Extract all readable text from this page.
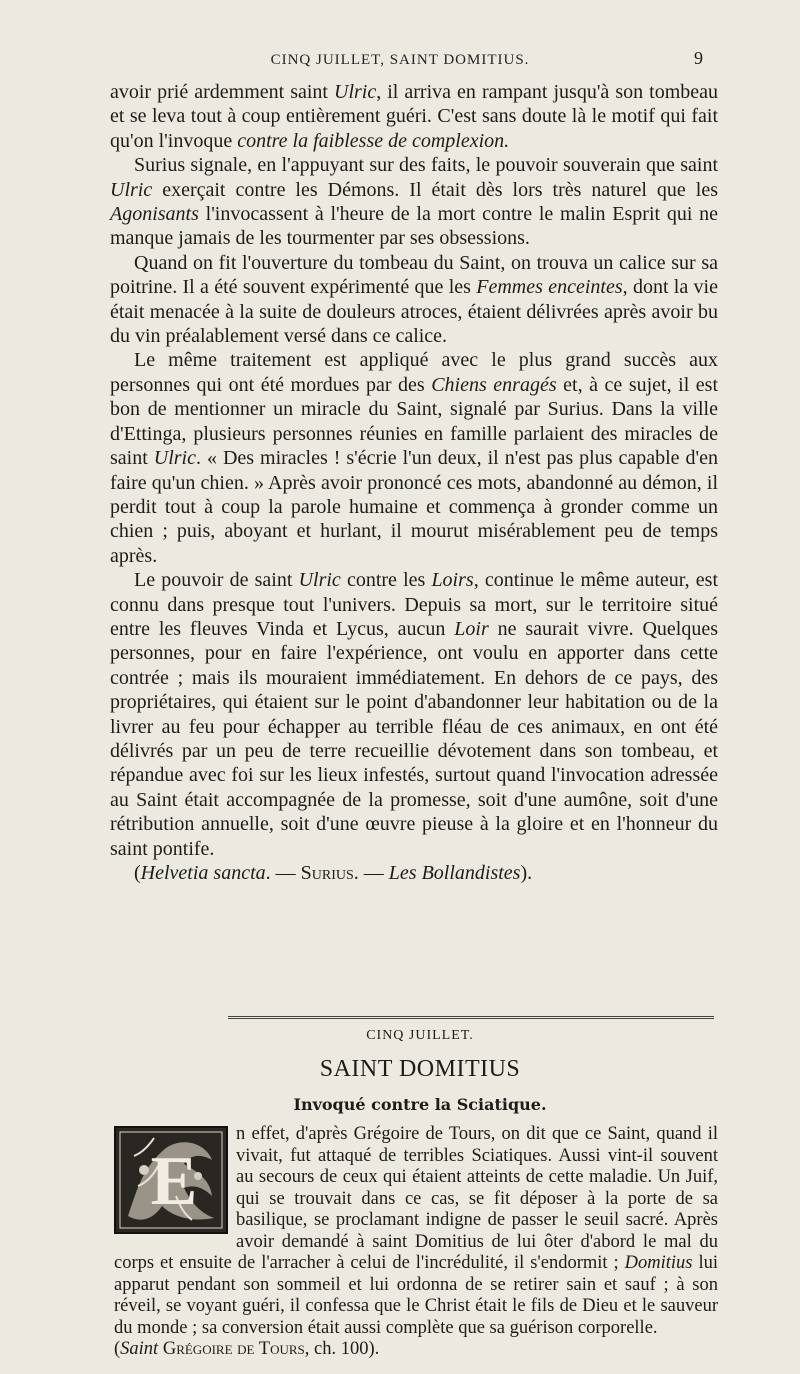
CINQ JUILLET, SAINT DOMITIUS.	9

avoir prié ardemment saint Ulric, il arriva en rampant jusqu'à son tombeau et se leva tout à coup entièrement guéri. C'est sans doute là le motif qui fait qu'on l'invoque contre la faiblesse de complexion.

Surius signale, en l'appuyant sur des faits, le pouvoir souverain que saint Ulric exerçait contre les Démons. Il était dès lors très naturel que les Agonisants l'invocassent à l'heure de la mort contre le malin Esprit qui ne manque jamais de les tourmenter par ses obsessions.

Quand on fit l'ouverture du tombeau du Saint, on trouva un calice sur sa poitrine. Il a été souvent expérimenté que les Femmes enceintes, dont la vie était menacée à la suite de douleurs atroces, étaient délivrées après avoir bu du vin préalablement versé dans ce calice.

Le même traitement est appliqué avec le plus grand succès aux personnes qui ont été mordues par des Chiens enragés et, à ce sujet, il est bon de mentionner un miracle du Saint, signalé par Surius. Dans la ville d'Ettinga, plusieurs personnes réunies en famille parlaient des miracles de saint Ulric. « Des miracles ! s'écrie l'un deux, il n'est pas plus capable d'en faire qu'un chien. » Après avoir prononcé ces mots, abandonné au démon, il perdit tout à coup la parole humaine et commença à gronder comme un chien ; puis, aboyant et hurlant, il mourut misérablement peu de temps après.

Le pouvoir de saint Ulric contre les Loirs, continue le même auteur, est connu dans presque tout l'univers. Depuis sa mort, sur le territoire situé entre les fleuves Vinda et Lycus, aucun Loir ne saurait vivre. Quelques personnes, pour en faire l'expérience, ont voulu en apporter dans cette contrée ; mais ils mouraient immédiatement. En dehors de ce pays, des propriétaires, qui étaient sur le point d'abandonner leur habitation ou de la livrer au feu pour échapper au terrible fléau de ces animaux, en ont été délivrés par un peu de terre recueillie dévotement dans son tombeau, et répandue avec foi sur les lieux infestés, surtout quand l'invocation adressée au Saint était accompagnée de la promesse, soit d'une aumône, soit d'une rétribution annuelle, soit d'une œuvre pieuse à la gloire et en l'honneur du saint pontife.

(Helvetia sancta. — Surius. — Les Bollandistes).

CINQ JUILLET.
SAINT DOMITIUS
Invoqué contre la Sciatique.
E

n effet, d'après Grégoire de Tours, on dit que ce Saint, quand il vivait, fut attaqué de terribles Sciatiques. Aussi vint-il souvent au secours de ceux qui étaient atteints de cette maladie. Un Juif, qui se trouvait dans ce cas, se fit déposer à la porte de sa basilique, se proclamant indigne de passer le seuil sacré. Après avoir demandé à saint Domitius de lui ôter d'abord le mal du corps et ensuite de l'arracher à celui de l'incrédulité, il s'endormit ; Domitius lui apparut pendant son sommeil et lui ordonna de se retirer sain et sauf ; à son réveil, se voyant guéri, il confessa que le Christ était le fils de Dieu et le sauveur du monde ; sa conversion était aussi complète que sa guérison corporelle.

(Saint Grégoire de Tours, ch. 100).
